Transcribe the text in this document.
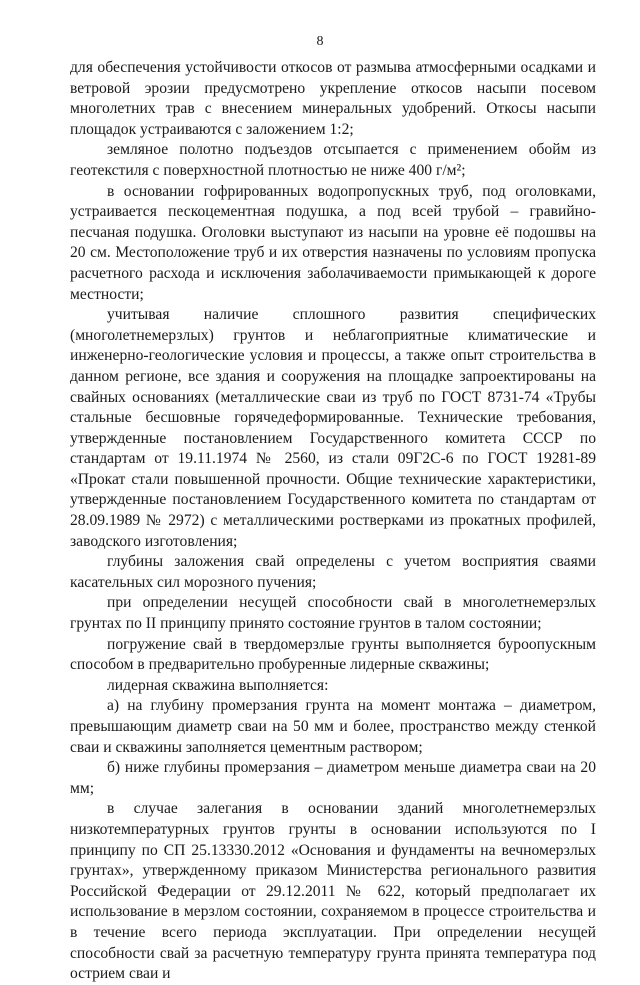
8

для обеспечения устойчивости откосов от размыва атмосферными осадками и ветровой эрозии предусмотрено укрепление откосов насыпи посевом многолетних трав с внесением минеральных удобрений. Откосы насыпи площадок устраиваются с заложением 1:2;

земляное полотно подъездов отсыпается с применением обойм из геотекстиля с поверхностной плотностью не ниже 400 г/м²;

в основании гофрированных водопропускных труб, под оголовками, устраивается пескоцементная подушка, а под всей трубой – гравийно-песчаная подушка. Оголовки выступают из насыпи на уровне её подошвы на 20 см. Местоположение труб и их отверстия назначены по условиям пропуска расчетного расхода и исключения заболачиваемости примыкающей к дороге местности;

учитывая наличие сплошного развития специфических (многолетнемерзлых) грунтов и неблагоприятные климатические и инженерно-геологические условия и процессы, а также опыт строительства в данном регионе, все здания и сооружения на площадке запроектированы на свайных основаниях (металлические сваи из труб по ГОСТ 8731-74 «Трубы стальные бесшовные горячедеформированные. Технические требования, утвержденные постановлением Государственного комитета СССР по стандартам от 19.11.1974 № 2560, из стали 09Г2С-6 по ГОСТ 19281-89 «Прокат стали повышенной прочности. Общие технические характеристики, утвержденные постановлением Государственного комитета по стандартам от 28.09.1989 № 2972) с металлическими ростверками из прокатных профилей, заводского изготовления;

глубины заложения свай определены с учетом восприятия сваями касательных сил морозного пучения;

при определении несущей способности свай в многолетнемерзлых грунтах по II принципу принято состояние грунтов в талом состоянии;

погружение свай в твердомерзлые грунты выполняется буроопускным способом в предварительно пробуренные лидерные скважины;

лидерная скважина выполняется:

а) на глубину промерзания грунта на момент монтажа – диаметром, превышающим диаметр сваи на 50 мм и более, пространство между стенкой сваи и скважины заполняется цементным раствором;

б) ниже глубины промерзания – диаметром меньше диаметра сваи на 20 мм;

в случае залегания в основании зданий многолетнемерзлых низкотемпературных грунтов грунты в основании используются по I принципу по СП 25.13330.2012 «Основания и фундаменты на вечномерзлых грунтах», утвержденному приказом Министерства регионального развития Российской Федерации от 29.12.2011 № 622, который предполагает их использование в мерзлом состоянии, сохраняемом в процессе строительства и в течение всего периода эксплуатации. При определении несущей способности свай за расчетную температуру грунта принята температура под острием сваи и
